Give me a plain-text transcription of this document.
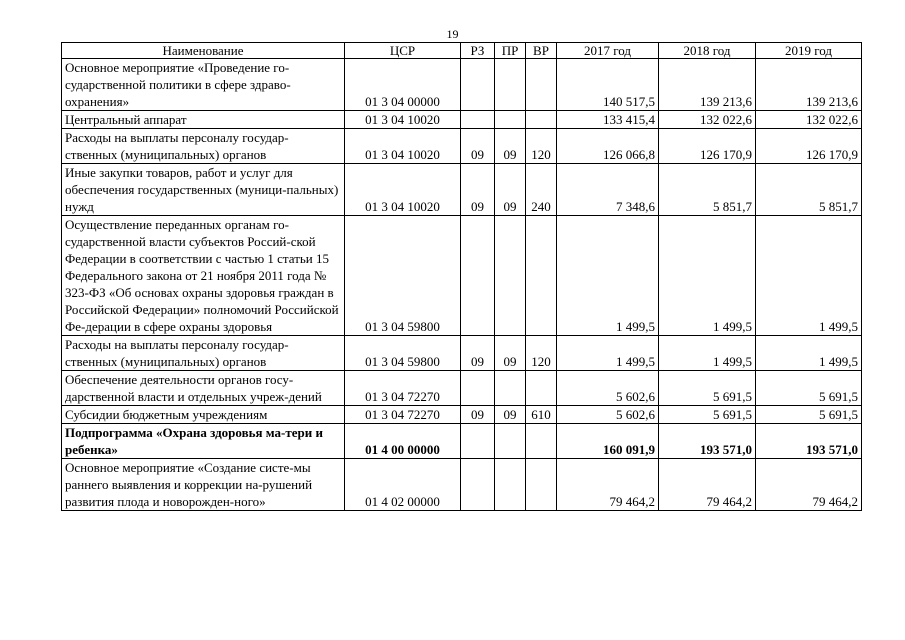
19
Наименование	ЦСР	РЗ	ПР	ВР	2017 год	2018 год	2019 год
Основное мероприятие «Проведение го-сударственной политики в сфере здраво-охранения»	01 3 04 00000				140 517,5	139 213,6	139 213,6
Центральный аппарат	01 3 04 10020				133 415,4	132 022,6	132 022,6
Расходы на выплаты персоналу государ-ственных (муниципальных) органов	01 3 04 10020	09	09	120	126 066,8	126 170,9	126 170,9
Иные закупки товаров, работ и услуг для обеспечения государственных (муници-пальных) нужд	01 3 04 10020	09	09	240	7 348,6	5 851,7	5 851,7
Осуществление переданных органам го-сударственной власти субъектов Россий-ской Федерации в соответствии с частью 1 статьи 15 Федерального закона от 21 ноября 2011 года № 323-ФЗ «Об основах охраны здоровья граждан в Российской Федерации» полномочий Российской Фе-дерации в сфере охраны здоровья	01 3 04 59800				1 499,5	1 499,5	1 499,5
Расходы на выплаты персоналу государ-ственных (муниципальных) органов	01 3 04 59800	09	09	120	1 499,5	1 499,5	1 499,5
Обеспечение деятельности органов госу-дарственной власти и отдельных учреж-дений	01 3 04 72270				5 602,6	5 691,5	5 691,5
Субсидии бюджетным учреждениям	01 3 04 72270	09	09	610	5 602,6	5 691,5	5 691,5
Подпрограмма «Охрана здоровья ма-тери и ребенка»	01 4 00 00000				160 091,9	193 571,0	193 571,0
Основное мероприятие «Создание систе-мы раннего выявления и коррекции на-рушений развития плода и новорожден-ного»	01 4 02 00000				79 464,2	79 464,2	79 464,2
